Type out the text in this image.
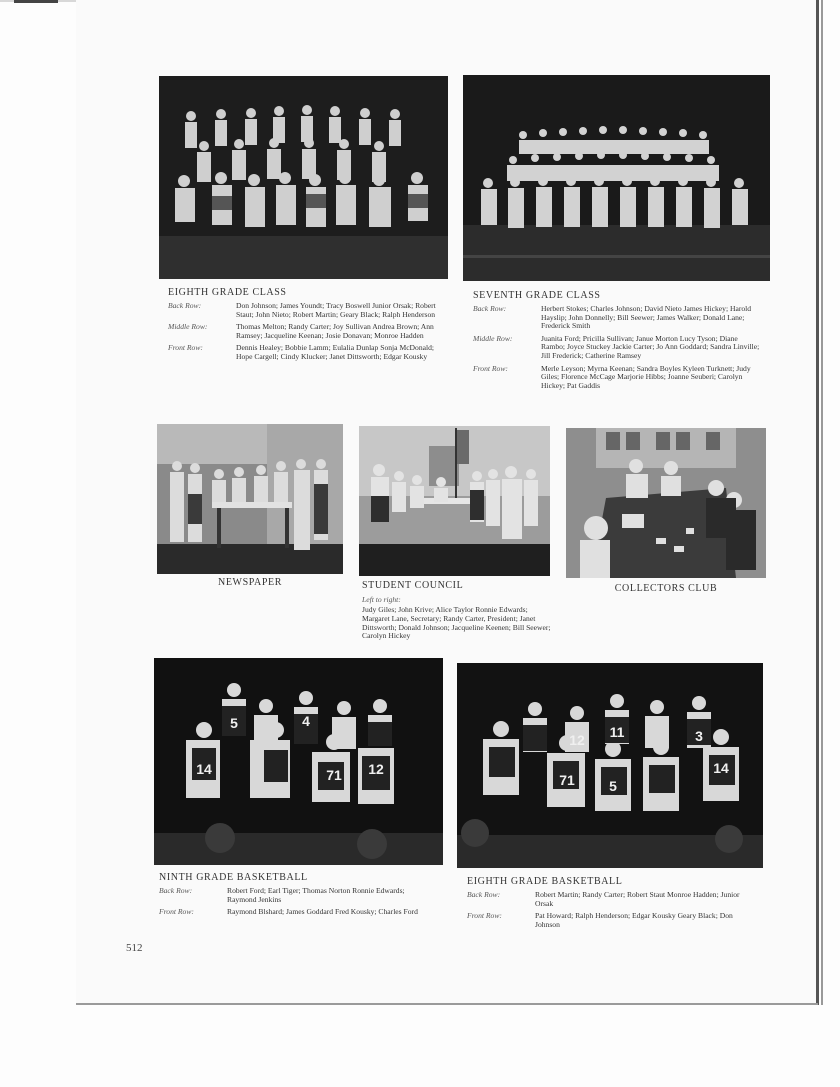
EIGHTH GRADE CLASS
Back Row:	Don Johnson; James Youndt; Tracy Boswell Junior Orsak; Robert Staut; John Nieto; Robert Martin; Geary Black; Ralph Henderson
Middle Row:	Thomas Melton; Randy Carter; Joy Sullivan Andrea Brown; Ann Ramsey; Jacqueline Keenan; Josie Donavan; Monroe Hadden
Front Row:	Dennis Healey; Bobbie Lamm; Eulalia Dunlap Sonja McDonald; Hope Cargell; Cindy Klucker; Janet Dittsworth; Edgar Kousky
SEVENTH GRADE CLASS
Back Row:	Herbert Stokes; Charles Johnson; David Nieto James Hickey; Harold Hayslip; John Donnelly; Bill Seewer; James Walker; Donald Lane; Frederick Smith
Middle Row:	Juanita Ford; Pricilla Sullivan; Janue Morton Lucy Tyson; Diane Rambo; Joyce Stuckey Jackie Carter; Jo Ann Goddard; Sandra Linville; Jill Frederick; Catherine Ramsey
Front Row:	Merle Leyson; Myrna Keenan; Sandra Boyles Kyleen Turknett; Judy Giles; Florence McCage Marjorie Hibbs; Joanne Seuberi; Carolyn Hickey; Pat Gaddis
NEWSPAPER	STUDENT COUNCIL
Left to right:
Judy Giles; John Krive; Alice Taylor Ronnie Edwards; Margaret Lane, Secretary; Randy Carter, President; Janet Dittsworth; Donald Johnson; Jacqueline Keenen; Bill Seewer; Carolyn Hickey
COLLECTORS CLUB
5	4
14	71 12
NINTH GRADE BASKETBALL
Back Row:	Robert Ford; Earl Tiger; Thomas Norton Ronnie Edwards; Raymond Jenkins
Front Row:	Raymond Blshard; James Goddard Fred Kousky; Charles Ford
12 11	3
71 5
14
EIGHTH GRADE BASKETBALL
Back Row:	Robert Martin; Randy Carter; Robert Staut Monroe Hadden; Junior Orsak
Front Row:	Pat Howard; Ralph Henderson; Edgar Kousky Geary Black; Don Johnson
512
